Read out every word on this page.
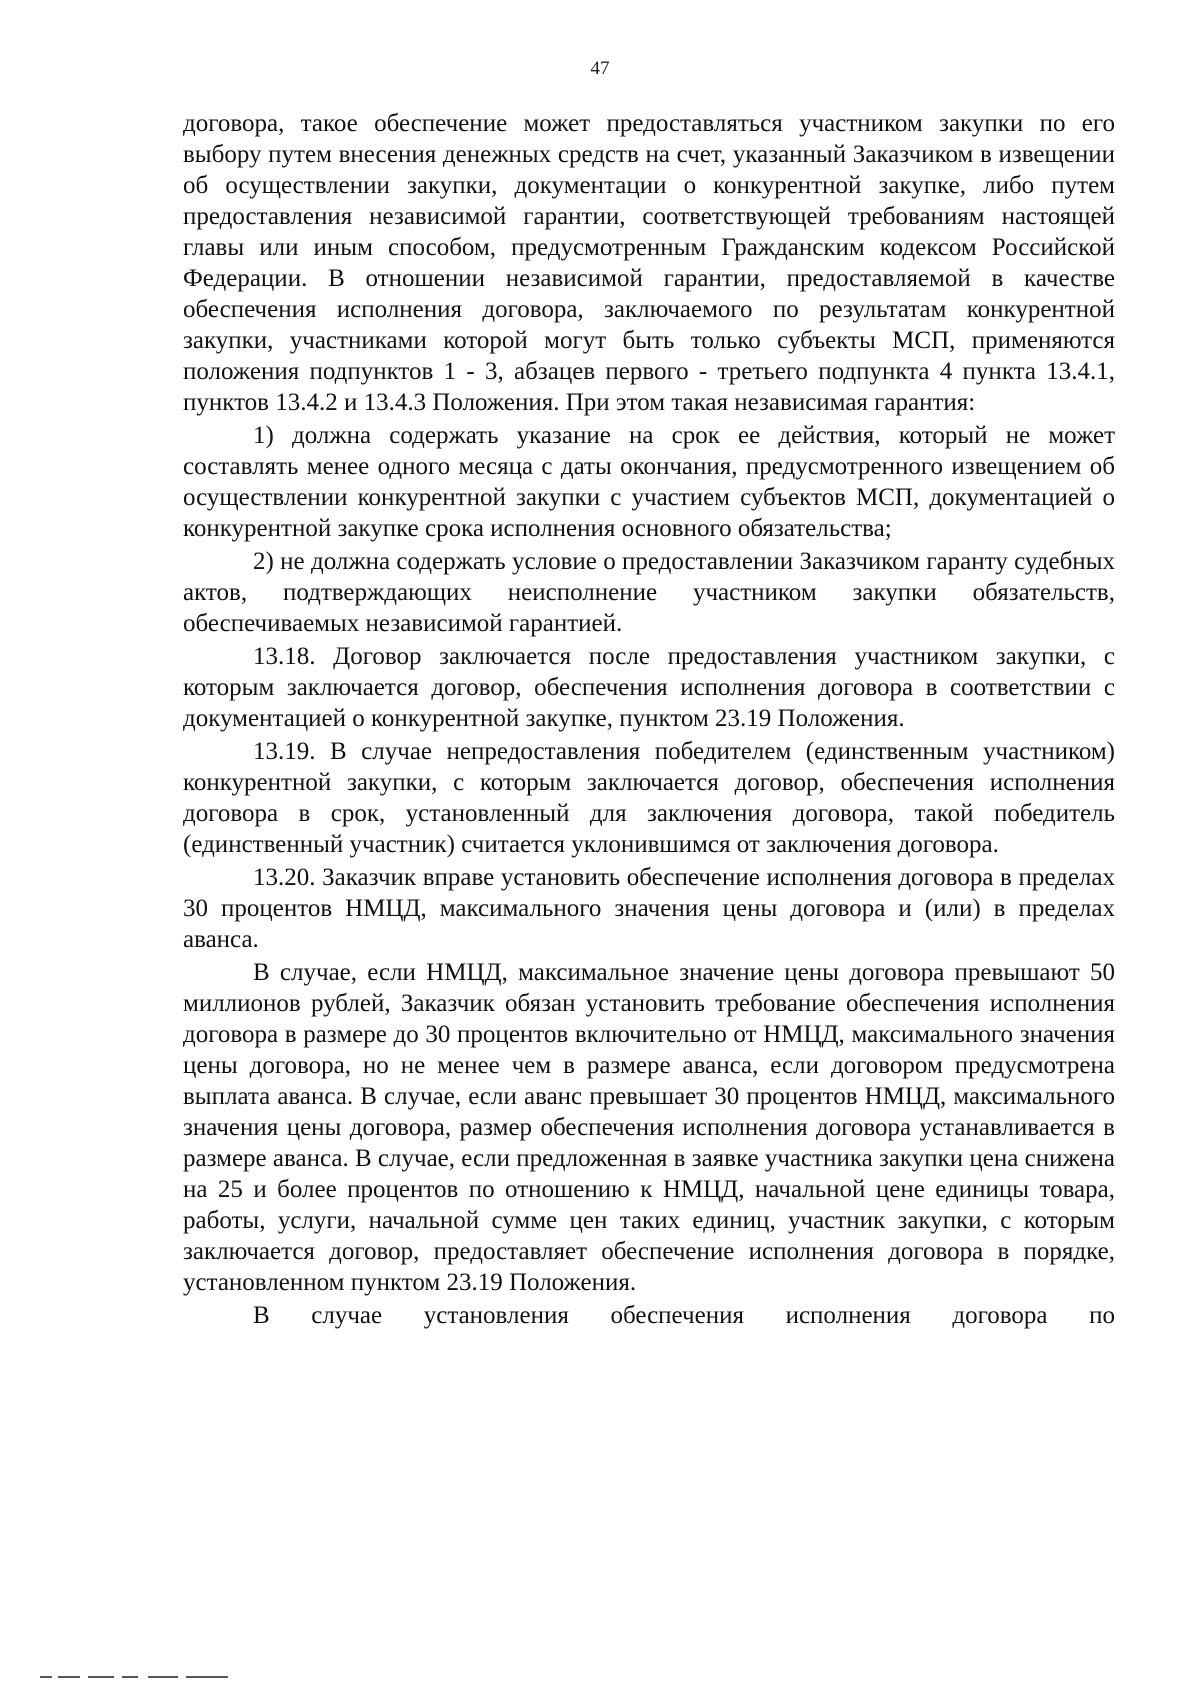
47

договора, такое обеспечение может предоставляться участником закупки по его выбору путем внесения денежных средств на счет, указанный Заказчиком в извещении об осуществлении закупки, документации о конкурентной закупке, либо путем предоставления независимой гарантии, соответствующей требованиям настоящей главы или иным способом, предусмотренным Гражданским кодексом Российской Федерации. В отношении независимой гарантии, предоставляемой в качестве обеспечения исполнения договора, заключаемого по результатам конкурентной закупки, участниками которой могут быть только субъекты МСП, применяются положения подпунктов 1 - 3, абзацев первого - третьего подпункта 4 пункта 13.4.1, пунктов 13.4.2 и 13.4.3 Положения. При этом такая независимая гарантия:

1) должна содержать указание на срок ее действия, который не может составлять менее одного месяца с даты окончания, предусмотренного извещением об осуществлении конкурентной закупки с участием субъектов МСП, документацией о конкурентной закупке срока исполнения основного обязательства;

2) не должна содержать условие о предоставлении Заказчиком гаранту судебных актов, подтверждающих неисполнение участником закупки обязательств, обеспечиваемых независимой гарантией.

13.18. Договор заключается после предоставления участником закупки, с которым заключается договор, обеспечения исполнения договора в соответствии с документацией о конкурентной закупке, пунктом 23.19 Положения.

13.19. В случае непредоставления победителем (единственным участником) конкурентной закупки, с которым заключается договор, обеспечения исполнения договора в срок, установленный для заключения договора, такой победитель (единственный участник) считается уклонившимся от заключения договора.

13.20. Заказчик вправе установить обеспечение исполнения договора в пределах 30 процентов НМЦД, максимального значения цены договора и (или) в пределах аванса.

В случае, если НМЦД, максимальное значение цены договора превышают 50 миллионов рублей, Заказчик обязан установить требование обеспечения исполнения договора в размере до 30 процентов включительно от НМЦД, максимального значения цены договора, но не менее чем в размере аванса, если договором предусмотрена выплата аванса. В случае, если аванс превышает 30 процентов НМЦД, максимального значения цены договора, размер обеспечения исполнения договора устанавливается в размере аванса. В случае, если предложенная в заявке участника закупки цена снижена на 25 и более процентов по отношению к НМЦД, начальной цене единицы товара, работы, услуги, начальной сумме цен таких единиц, участник закупки, с которым заключается договор, предоставляет обеспечение исполнения договора в порядке, установленном пунктом 23.19 Положения.

В случае установления обеспечения исполнения договора по
